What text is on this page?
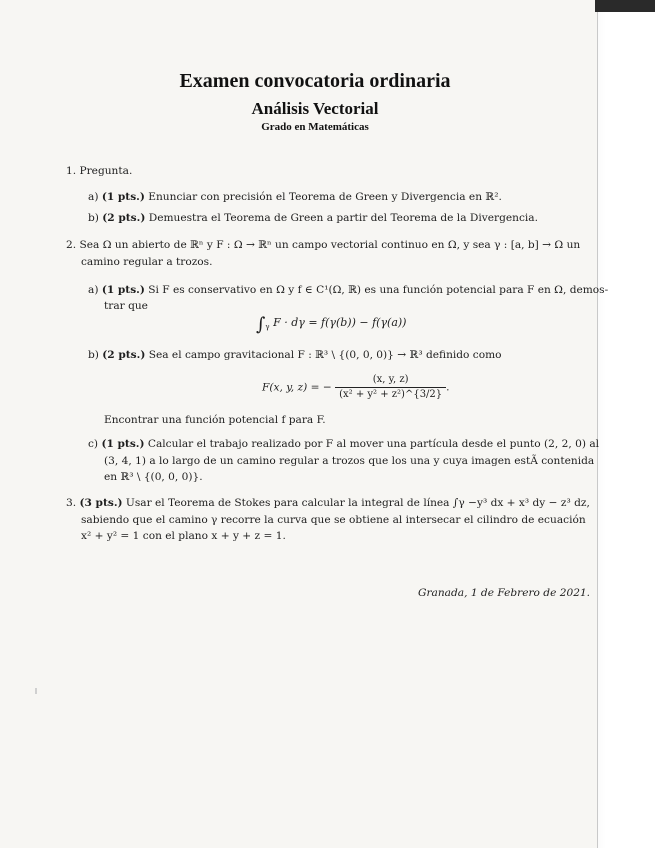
Examen convocatoria ordinaria
Análisis Vectorial
Grado en Matemáticas
1. Pregunta.
a) (1 pts.) Enunciar con precisión el Teorema de Green y Divergencia en ℝ².
b) (2 pts.) Demuestra el Teorema de Green a partir del Teorema de la Divergencia.
2. Sea Ω un abierto de ℝⁿ y F : Ω → ℝⁿ un campo vectorial continuo en Ω, y sea γ : [a, b] → Ω un
camino regular a trozos.
a) (1 pts.) Si F es conservativo en Ω y f ∈ C¹(Ω, ℝ) es una función potencial para F en Ω, demos-
trar que
$\int_\gamma$ F · dγ = f(γ(b)) − f(γ(a))
b) (2 pts.) Sea el campo gravitacional F : ℝ³ \ {(0, 0, 0)} → ℝ³ definido como
F(x, y, z) = − $\frac{(x, y, z)}{\text{(x² + y² + z²)\textasciicircum{}\{3/2\}}}$ .
Encontrar una función potencial f para F.
c) (1 pts.) Calcular el trabajo realizado por F al mover una partícula desde el punto (2, 2, 0) al
(3, 4, 1) a lo largo de un camino regular a trozos que los una y cuya imagen estÃ contenida
en ℝ³ \ {(0, 0, 0)}.
3. (3 pts.) Usar el Teorema de Stokes para calcular la integral de línea ∫γ −y³ dx + x³ dy − z³ dz,
sabiendo que el camino γ recorre la curva que se obtiene al intersecar el cilindro de ecuación
x² + y² = 1 con el plano x + y + z = 1.
Granada, 1 de Febrero de 2021.
